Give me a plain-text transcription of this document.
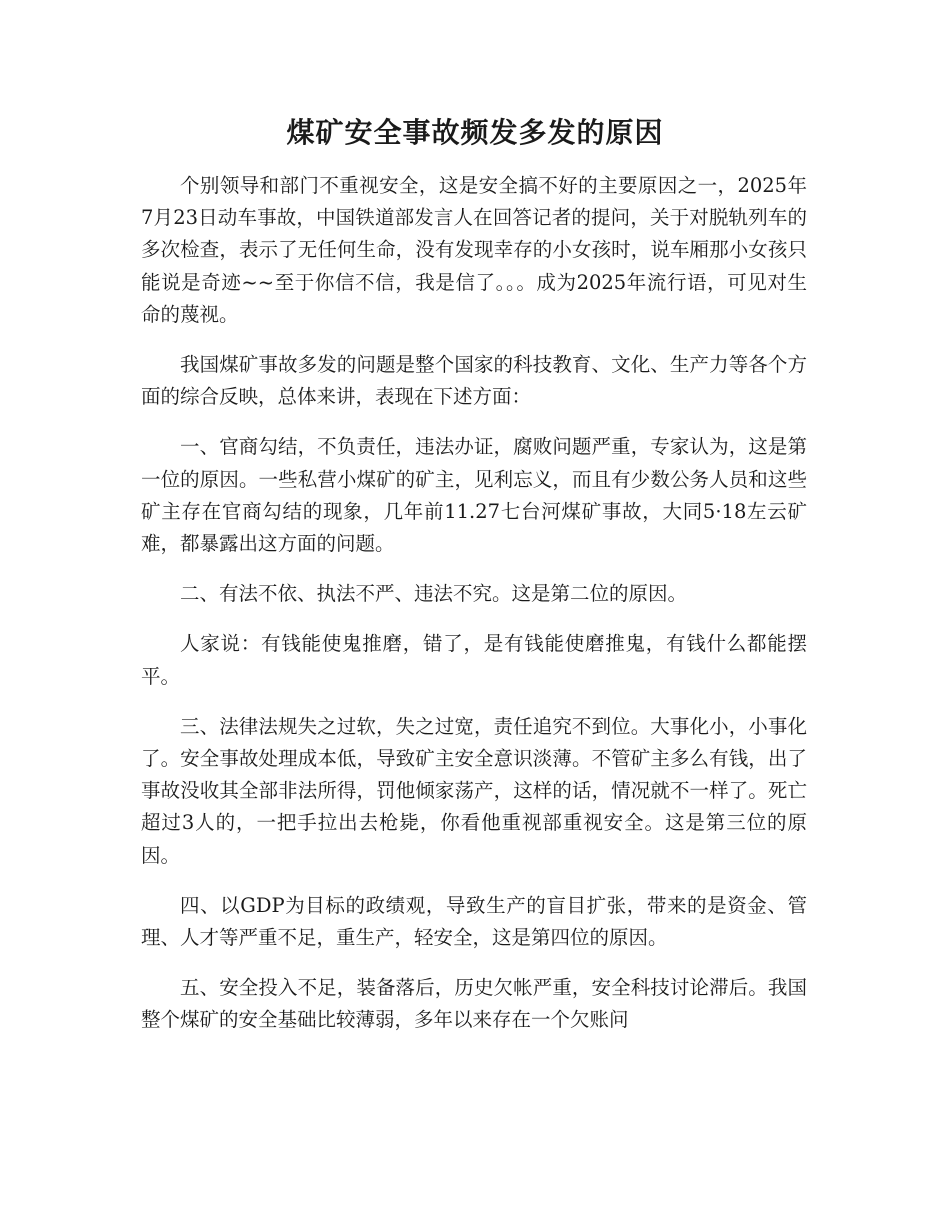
煤矿安全事故频发多发的原因

个别领导和部门不重视安全，这是安全搞不好的主要原因之一，2025年7月23日动车事故，中国铁道部发言人在回答记者的提问，关于对脱轨列车的多次检查，表示了无任何生命，没有发现幸存的小女孩时，说车厢那小女孩只能说是奇迹~~至于你信不信，我是信了。。。成为2025年流行语，可见对生命的蔑视。

我国煤矿事故多发的问题是整个国家的科技教育、文化、生产力等各个方面的综合反映，总体来讲，表现在下述方面：

一、官商勾结，不负责任，违法办证，腐败问题严重，专家认为，这是第一位的原因。一些私营小煤矿的矿主，见利忘义，而且有少数公务人员和这些矿主存在官商勾结的现象，几年前11.27七台河煤矿事故，大同5·18左云矿难，都暴露出这方面的问题。

二、有法不依、执法不严、违法不究。这是第二位的原因。

人家说：有钱能使鬼推磨，错了，是有钱能使磨推鬼，有钱什么都能摆平。

三、法律法规失之过软，失之过宽，责任追究不到位。大事化小，小事化了。安全事故处理成本低，导致矿主安全意识淡薄。不管矿主多么有钱，出了事故没收其全部非法所得，罚他倾家荡产，这样的话，情况就不一样了。死亡超过3人的，一把手拉出去枪毙，你看他重视部重视安全。这是第三位的原因。

四、以GDP为目标的政绩观，导致生产的盲目扩张，带来的是资金、管理、人才等严重不足，重生产，轻安全，这是第四位的原因。

五、安全投入不足，装备落后，历史欠帐严重，安全科技讨论滞后。我国整个煤矿的安全基础比较薄弱，多年以来存在一个欠账问
